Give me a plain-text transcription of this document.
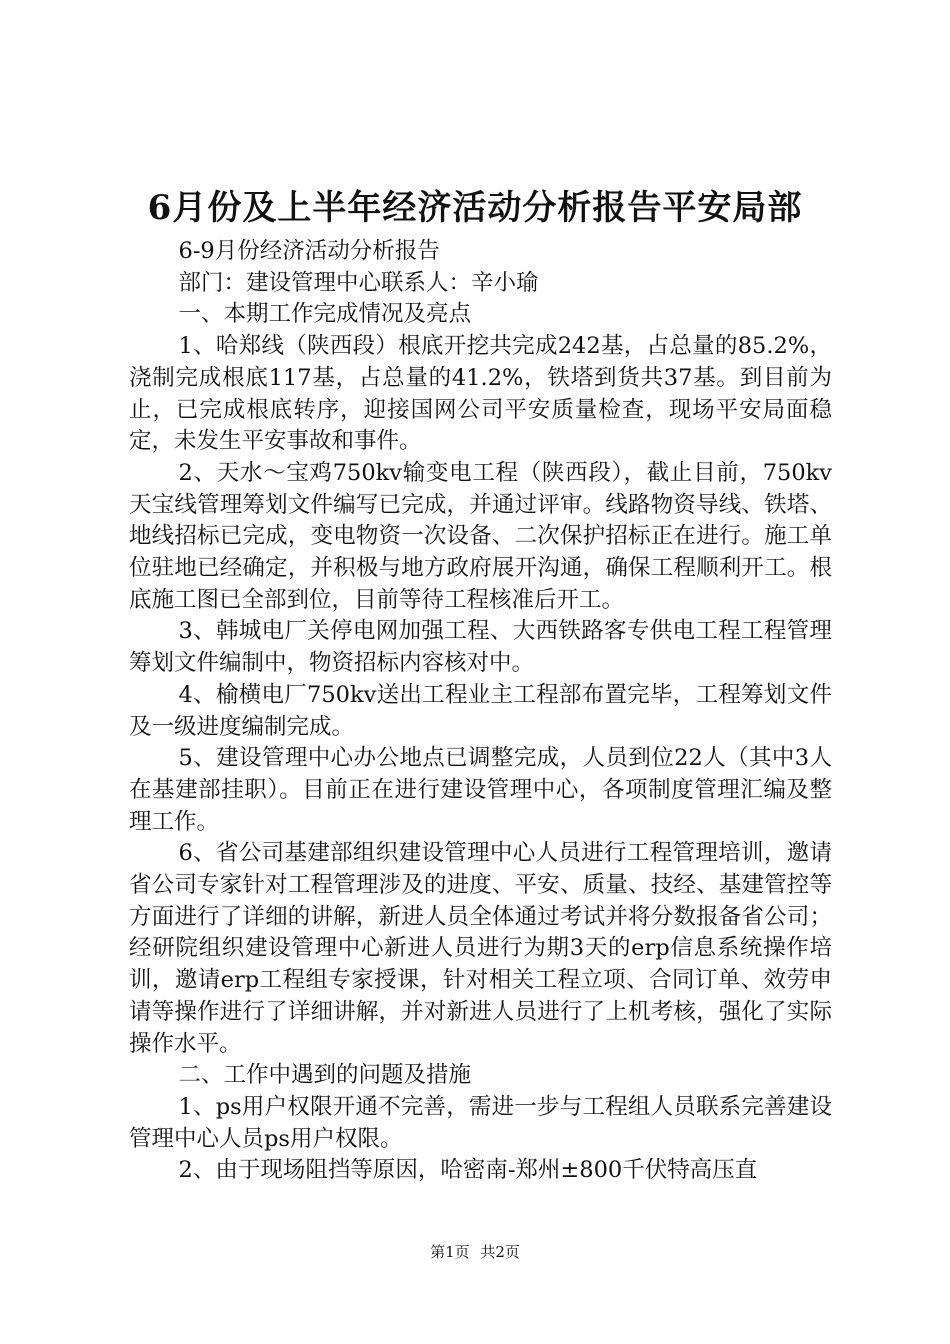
6月份及上半年经济活动分析报告平安局部

6-9月份经济活动分析报告

部门：建设管理中心联系人：辛小瑜

一、本期工作完成情况及亮点

1、哈郑线（陕西段）根底开挖共完成242基，占总量的85.2%，浇制完成根底117基，占总量的41.2%，铁塔到货共37基。到目前为止，已完成根底转序，迎接国网公司平安质量检查，现场平安局面稳定，未发生平安事故和事件。

2、天水～宝鸡750kv输变电工程（陕西段），截止目前，750kv天宝线管理筹划文件编写已完成，并通过评审。线路物资导线、铁塔、地线招标已完成，变电物资一次设备、二次保护招标正在进行。施工单位驻地已经确定，并积极与地方政府展开沟通，确保工程顺利开工。根底施工图已全部到位，目前等待工程核准后开工。

3、韩城电厂关停电网加强工程、大西铁路客专供电工程工程管理筹划文件编制中，物资招标内容核对中。

4、榆横电厂750kv送出工程业主工程部布置完毕，工程筹划文件及一级进度编制完成。

5、建设管理中心办公地点已调整完成，人员到位22人（其中3人在基建部挂职）。目前正在进行建设管理中心，各项制度管理汇编及整理工作。

6、省公司基建部组织建设管理中心人员进行工程管理培训，邀请省公司专家针对工程管理涉及的进度、平安、质量、技经、基建管控等方面进行了详细的讲解，新进人员全体通过考试并将分数报备省公司；经研院组织建设管理中心新进人员进行为期3天的erp信息系统操作培训，邀请erp工程组专家授课，针对相关工程立项、合同订单、效劳申请等操作进行了详细讲解，并对新进人员进行了上机考核，强化了实际操作水平。

二、工作中遇到的问题及措施

1、ps用户权限开通不完善，需进一步与工程组人员联系完善建设管理中心人员ps用户权限。

2、由于现场阻挡等原因，哈密南-郑州±800千伏特高压直

第1页 共2页
